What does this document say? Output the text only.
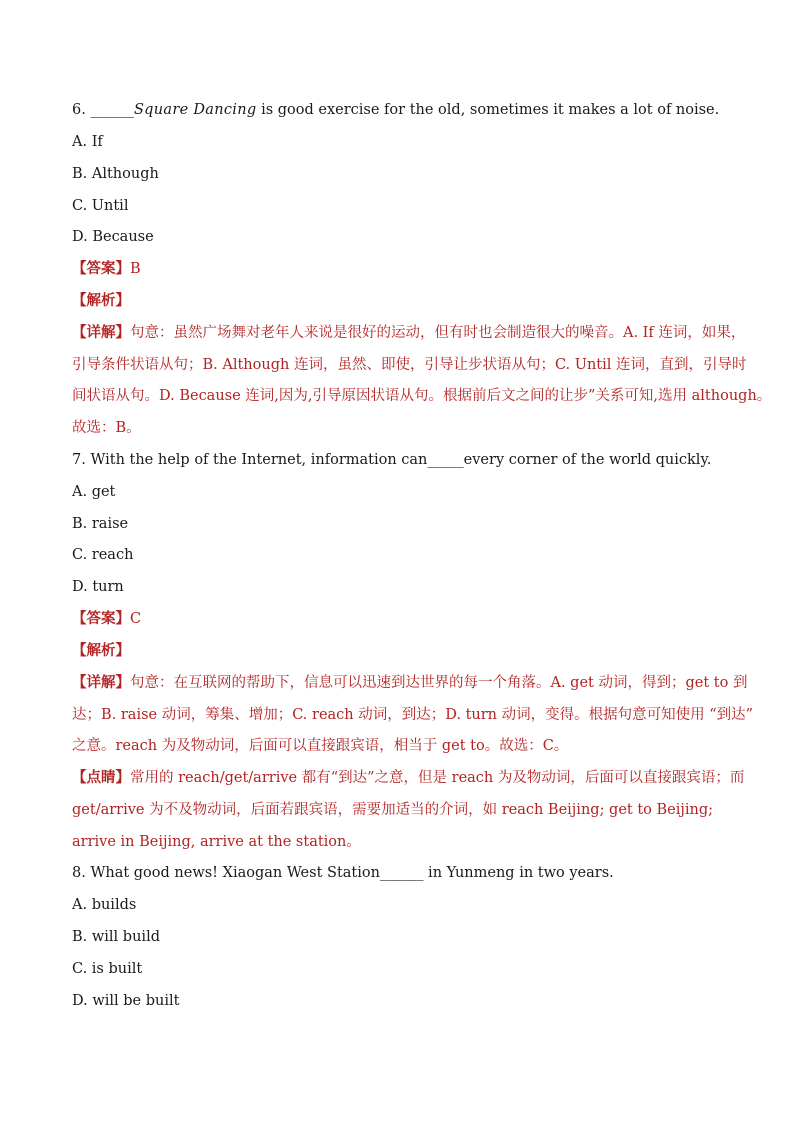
6. ______Square Dancing is good exercise for the old, sometimes it makes a lot of noise.

A. If

B. Although

C. Until

D. Because

【答案】B

【解析】

【详解】句意：虽然广场舞对老年人来说是很好的运动，但有时也会制造很大的噪音。A. If 连词，如果，

引导条件状语从句；B. Although 连词，虽然、即使，引导让步状语从句；C. Until 连词，直到，引导时

间状语从句。D. Because 连词,因为,引导原因状语从句。根据前后文之间的让步”关系可知,选用 although。

故选：B。

7. With the help of the Internet, information can_____every corner of the world quickly.

A. get

B. raise

C. reach

D. turn

【答案】C

【解析】

【详解】句意：在互联网的帮助下，信息可以迅速到达世界的每一个角落。A. get 动词，得到；get to 到

达；B. raise 动词，筹集、增加；C. reach 动词，到达；D. turn 动词，变得。根据句意可知使用 “到达”

之意。reach 为及物动词，后面可以直接跟宾语，相当于 get to。故选：C。

【点睛】常用的 reach/get/arrive 都有“到达”之意，但是 reach 为及物动词，后面可以直接跟宾语；而

get/arrive 为不及物动词，后面若跟宾语，需要加适当的介词，如 reach Beijing; get to Beijing;

arrive in Beijing, arrive at the station。

8. What good news! Xiaogan West Station______ in Yunmeng in two years.

A. builds

B. will build

C. is built

D. will be built
